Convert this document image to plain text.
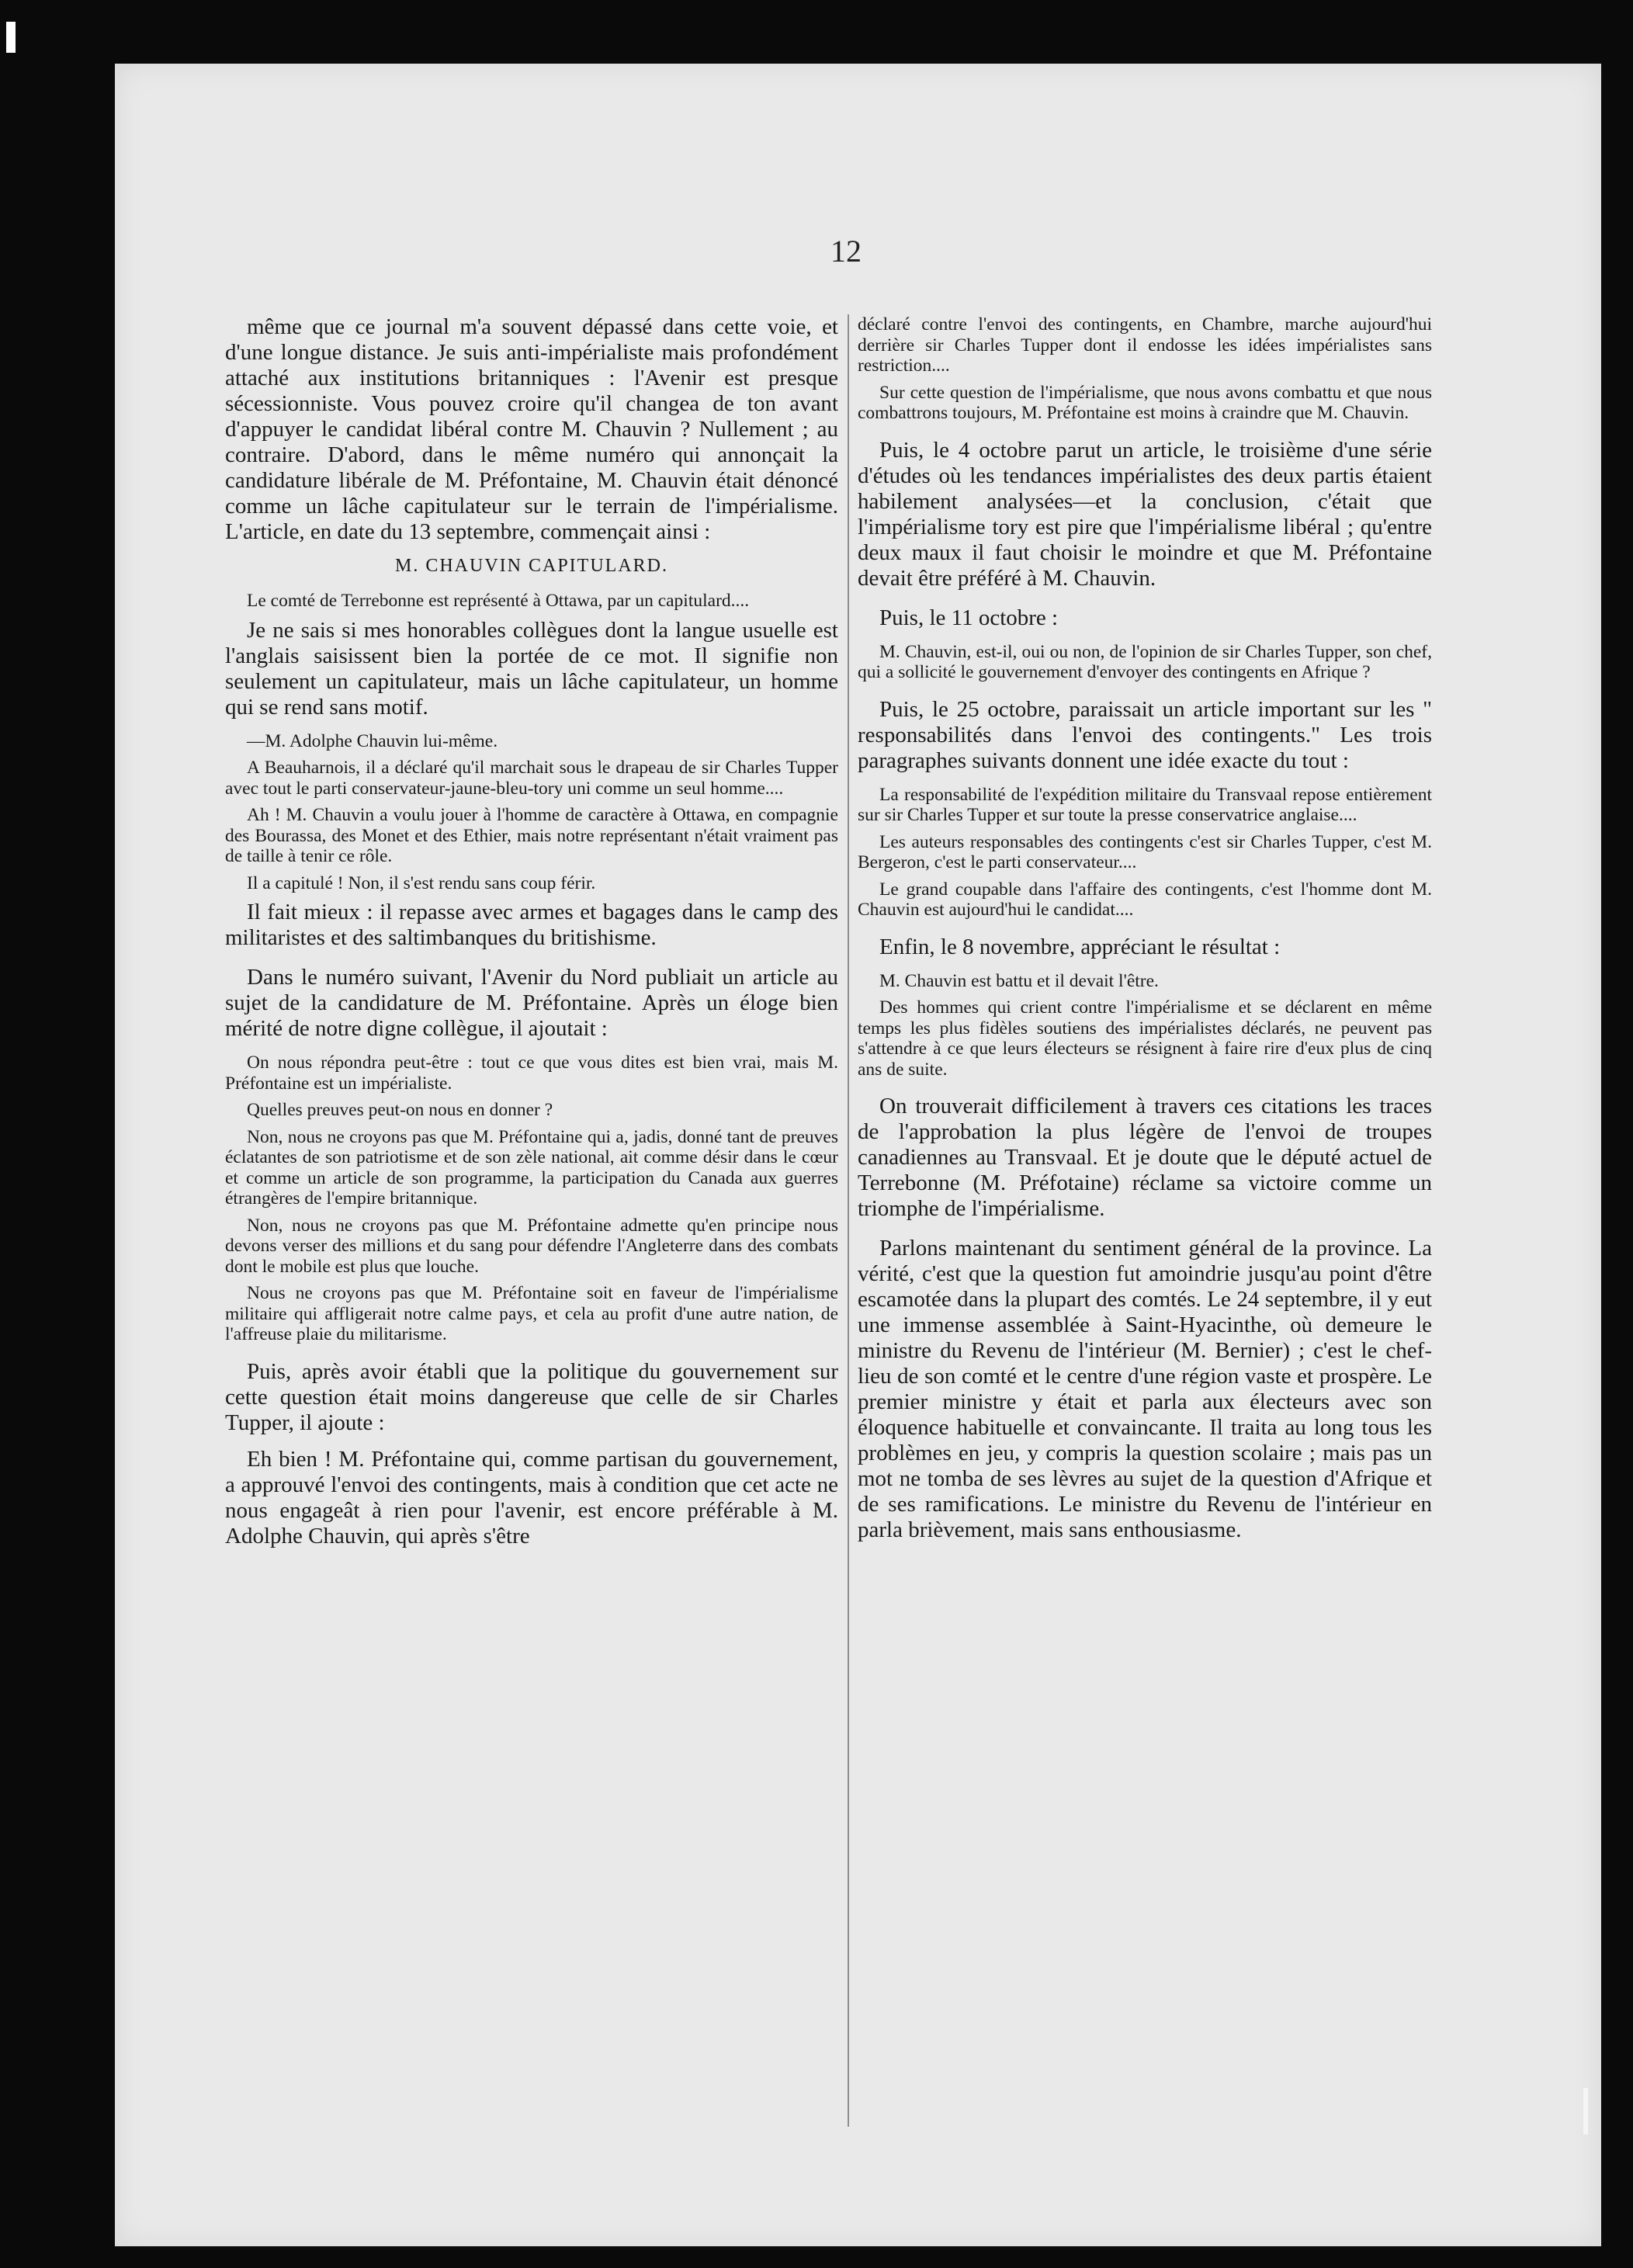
12

même que ce journal m'a souvent dépassé dans cette voie, et d'une longue distance. Je suis anti-impérialiste mais profondément attaché aux institutions britanniques : l'Avenir est presque sécessionniste. Vous pouvez croire qu'il changea de ton avant d'appuyer le candidat libéral contre M. Chauvin ? Nullement ; au contraire. D'abord, dans le même numéro qui annonçait la candidature libérale de M. Préfontaine, M. Chauvin était dénoncé comme un lâche capitulateur sur le terrain de l'impérialisme. L'article, en date du 13 septembre, commençait ainsi :

M. CHAUVIN CAPITULARD.

Le comté de Terrebonne est représenté à Ottawa, par un capitulard....

Je ne sais si mes honorables collègues dont la langue usuelle est l'anglais saisissent bien la portée de ce mot. Il signifie non seulement un capitulateur, mais un lâche capitulateur, un homme qui se rend sans motif.

—M. Adolphe Chauvin lui-même.

A Beauharnois, il a déclaré qu'il marchait sous le drapeau de sir Charles Tupper avec tout le parti conservateur-jaune-bleu-tory uni comme un seul homme....

Ah ! M. Chauvin a voulu jouer à l'homme de caractère à Ottawa, en compagnie des Bourassa, des Monet et des Ethier, mais notre représentant n'était vraiment pas de taille à tenir ce rôle.

Il a capitulé ! Non, il s'est rendu sans coup férir.

Il fait mieux : il repasse avec armes et bagages dans le camp des militaristes et des saltimbanques du britishisme.

Dans le numéro suivant, l'Avenir du Nord publiait un article au sujet de la candidature de M. Préfontaine. Après un éloge bien mérité de notre digne collègue, il ajoutait :

On nous répondra peut-être : tout ce que vous dites est bien vrai, mais M. Préfontaine est un impérialiste.

Quelles preuves peut-on nous en donner ?

Non, nous ne croyons pas que M. Préfontaine qui a, jadis, donné tant de preuves éclatantes de son patriotisme et de son zèle national, ait comme désir dans le cœur et comme un article de son programme, la participation du Canada aux guerres étrangères de l'empire britannique.

Non, nous ne croyons pas que M. Préfontaine admette qu'en principe nous devons verser des millions et du sang pour défendre l'Angleterre dans des combats dont le mobile est plus que louche.

Nous ne croyons pas que M. Préfontaine soit en faveur de l'impérialisme militaire qui affligerait notre calme pays, et cela au profit d'une autre nation, de l'affreuse plaie du militarisme.

Puis, après avoir établi que la politique du gouvernement sur cette question était moins dangereuse que celle de sir Charles Tupper, il ajoute :

Eh bien ! M. Préfontaine qui, comme partisan du gouvernement, a approuvé l'envoi des contingents, mais à condition que cet acte ne nous engageât à rien pour l'avenir, est encore préférable à M. Adolphe Chauvin, qui après s'être

déclaré contre l'envoi des contingents, en Chambre, marche aujourd'hui derrière sir Charles Tupper dont il endosse les idées impérialistes sans restriction....

Sur cette question de l'impérialisme, que nous avons combattu et que nous combattrons toujours, M. Préfontaine est moins à craindre que M. Chauvin.

Puis, le 4 octobre parut un article, le troisième d'une série d'études où les tendances impérialistes des deux partis étaient habilement analysées—et la conclusion, c'était que l'impérialisme tory est pire que l'impérialisme libéral ; qu'entre deux maux il faut choisir le moindre et que M. Préfontaine devait être préféré à M. Chauvin.

Puis, le 11 octobre :

M. Chauvin, est-il, oui ou non, de l'opinion de sir Charles Tupper, son chef, qui a sollicité le gouvernement d'envoyer des contingents en Afrique ?

Puis, le 25 octobre, paraissait un article important sur les " responsabilités dans l'envoi des contingents." Les trois paragraphes suivants donnent une idée exacte du tout :

La responsabilité de l'expédition militaire du Transvaal repose entièrement sur sir Charles Tupper et sur toute la presse conservatrice anglaise....

Les auteurs responsables des contingents c'est sir Charles Tupper, c'est M. Bergeron, c'est le parti conservateur....

Le grand coupable dans l'affaire des contingents, c'est l'homme dont M. Chauvin est aujourd'hui le candidat....

Enfin, le 8 novembre, appréciant le résultat :

M. Chauvin est battu et il devait l'être.

Des hommes qui crient contre l'impérialisme et se déclarent en même temps les plus fidèles soutiens des impérialistes déclarés, ne peuvent pas s'attendre à ce que leurs électeurs se résignent à faire rire d'eux plus de cinq ans de suite.

On trouverait difficilement à travers ces citations les traces de l'approbation la plus légère de l'envoi de troupes canadiennes au Transvaal. Et je doute que le député actuel de Terrebonne (M. Préfotaine) réclame sa victoire comme un triomphe de l'impérialisme.

Parlons maintenant du sentiment général de la province. La vérité, c'est que la question fut amoindrie jusqu'au point d'être escamotée dans la plupart des comtés. Le 24 septembre, il y eut une immense assemblée à Saint-Hyacinthe, où demeure le ministre du Revenu de l'intérieur (M. Bernier) ; c'est le chef-lieu de son comté et le centre d'une région vaste et prospère. Le premier ministre y était et parla aux électeurs avec son éloquence habituelle et convaincante. Il traita au long tous les problèmes en jeu, y compris la question scolaire ; mais pas un mot ne tomba de ses lèvres au sujet de la question d'Afrique et de ses ramifications. Le ministre du Revenu de l'intérieur en parla brièvement, mais sans enthousiasme.
